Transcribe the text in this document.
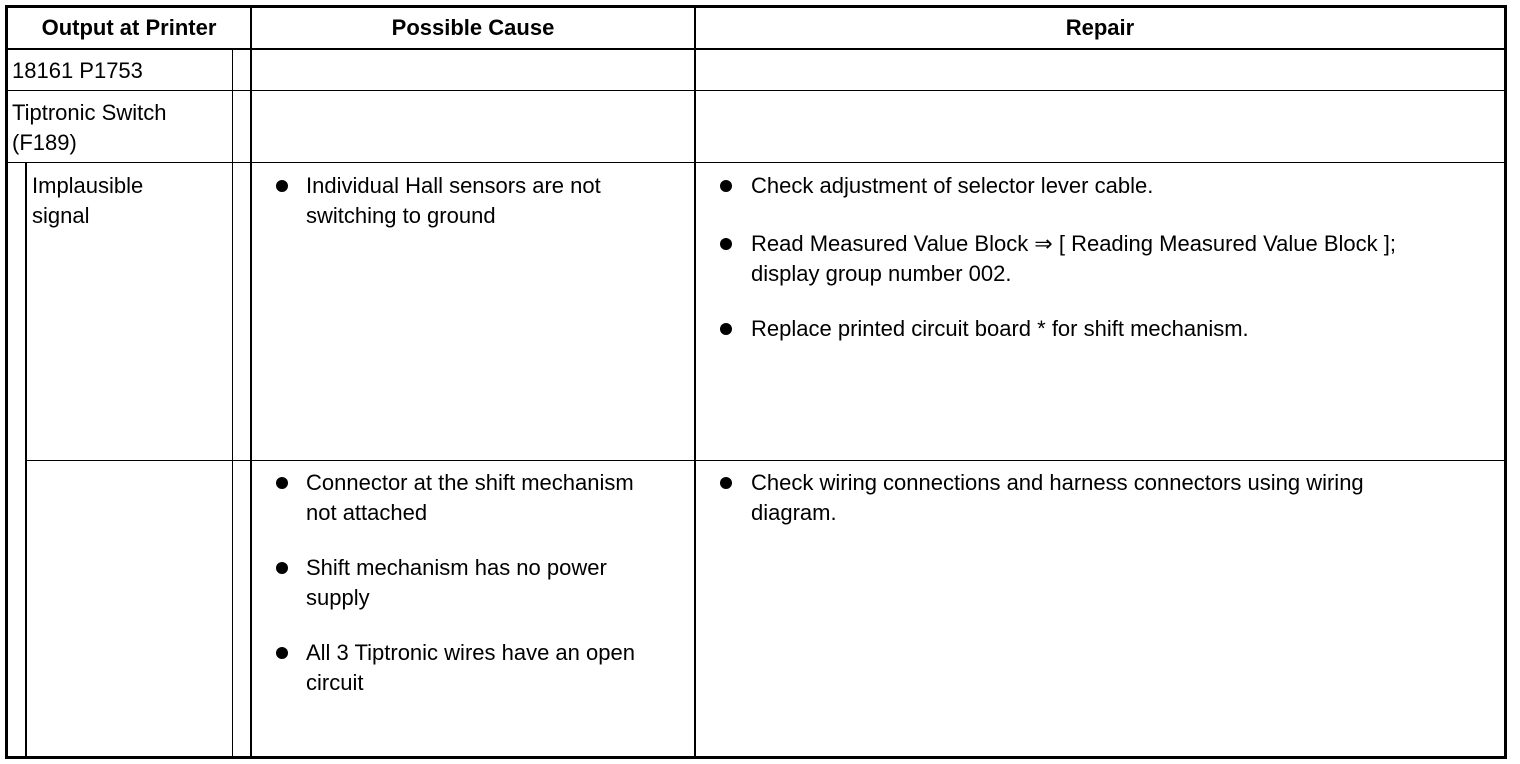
Output at Printer	Possible Cause	Repair
18161 P1753
Tiptronic Switch
(F189)
Implausible
signal
Individual Hall sensors are not
switching to ground
Check adjustment of selector lever cable.
Read Measured Value Block ⇒ [ Reading Measured Value Block ];
display group number 002.
Replace printed circuit board * for shift mechanism.
Connector at the shift mechanism
not attached
Shift mechanism has no power
supply
All 3 Tiptronic wires have an open
circuit
Check wiring connections and harness connectors using wiring
diagram.
